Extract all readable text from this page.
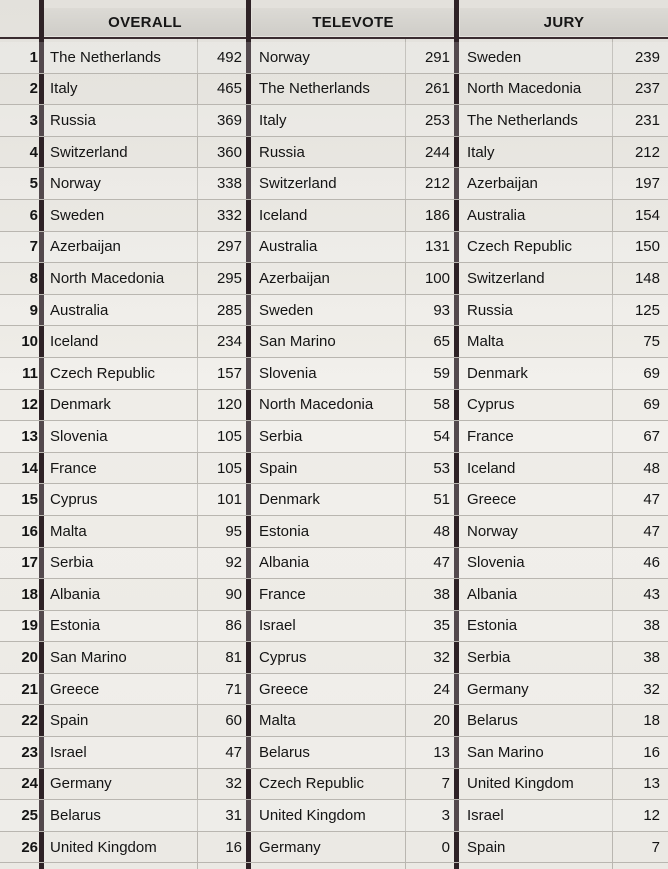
OVERALL	TELEVOTE	JURY
1 The Netherlands	492 Norway	291 Sweden	239
2 Italy	465 The Netherlands	261 North Macedonia	237
3 Russia	369 Italy	253 The Netherlands	231
4 Switzerland	360 Russia	244 Italy	212
5 Norway	338 Switzerland	212 Azerbaijan	197
6 Sweden	332 Iceland	186 Australia	154
7 Azerbaijan	297 Australia	131 Czech Republic	150
8 North Macedonia	295 Azerbaijan	100 Switzerland	148
9 Australia	285 Sweden	93 Russia	125
10 Iceland	234 San Marino	65 Malta	75
11 Czech Republic	157 Slovenia	59 Denmark	69
12 Denmark	120 North Macedonia	58 Cyprus	69
13 Slovenia	105 Serbia	54 France	67
14 France	105 Spain	53 Iceland	48
15 Cyprus	101 Denmark	51 Greece	47
16 Malta	95 Estonia	48 Norway	47
17 Serbia	92 Albania	47 Slovenia	46
18 Albania	90 France	38 Albania	43
19 Estonia	86 Israel	35 Estonia	38
20 San Marino	81 Cyprus	32 Serbia	38
21 Greece	71 Greece	24 Germany	32
22 Spain	60 Malta	20 Belarus	18
23 Israel	47 Belarus	13 San Marino	16
24 Germany	32 Czech Republic	7 United Kingdom	13
25 Belarus	31 United Kingdom	3 Israel	12
26 United Kingdom	16 Germany	0 Spain	7
